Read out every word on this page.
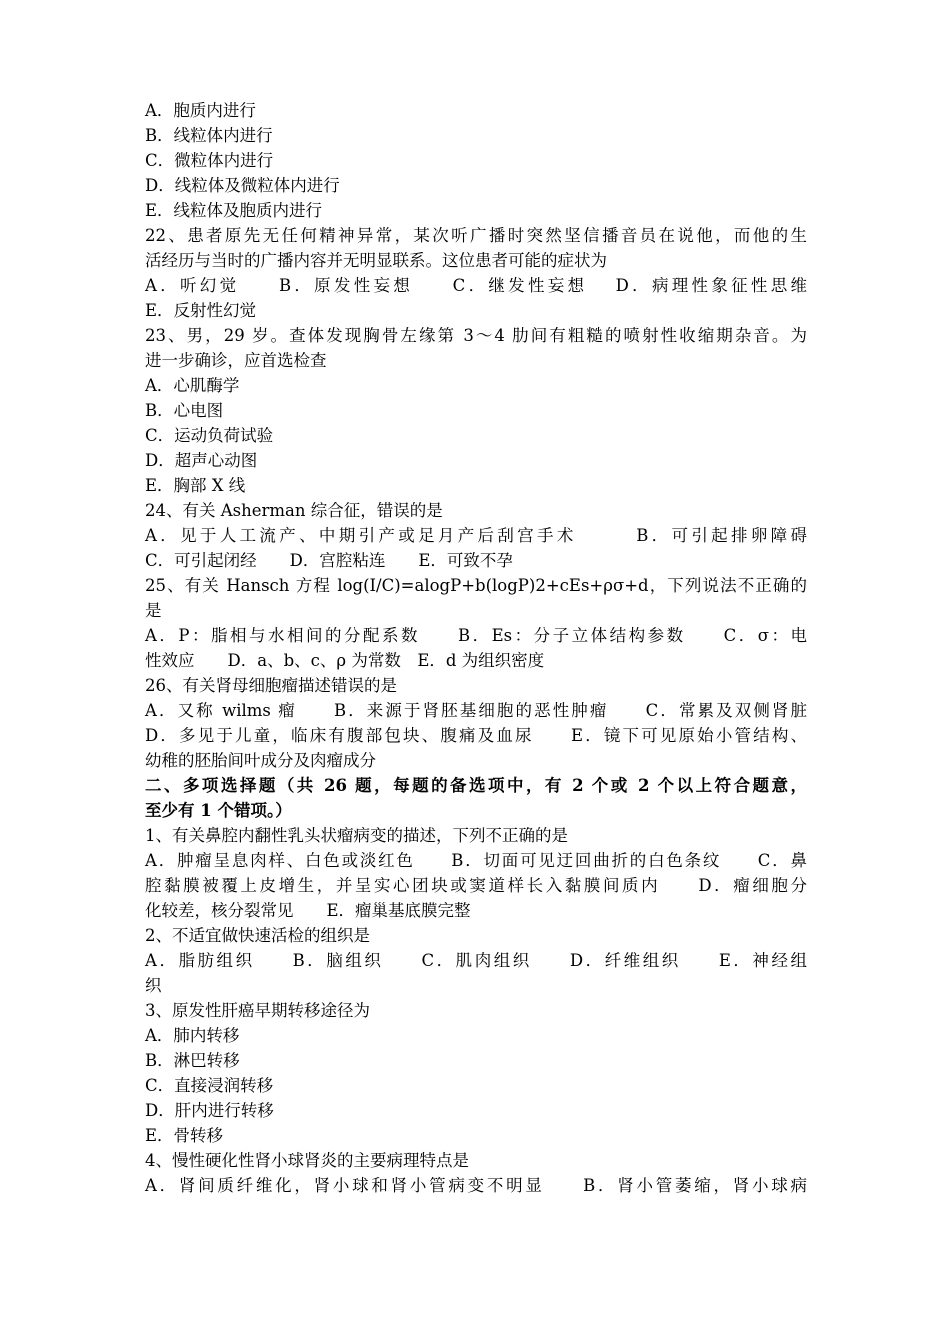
A．胞质内进行
B．线粒体内进行
C．微粒体内进行
D．线粒体及微粒体内进行
E．线粒体及胞质内进行
22、患者原先无任何精神异常，某次听广播时突然坚信播音员在说他，而他的生
活经历与当时的广播内容并无明显联系。这位患者可能的症状为
A．听幻觉　　B．原发性妄想　　C．继发性妄想　 D．病理性象征性思维
E．反射性幻觉
23、男，29 岁。查体发现胸骨左缘第 3～4 肋间有粗糙的喷射性收缩期杂音。为
进一步确诊，应首选检查
A．心肌酶学
B．心电图
C．运动负荷试验
D．超声心动图
E．胸部 X 线
24、有关 Asherman 综合征，错误的是
A．见于人工流产、中期引产或足月产后刮宫手术　　　B．可引起排卵障碍
C．可引起闭经　　D．宫腔粘连　　E．可致不孕
25、有关 Hansch 方程 log(I/C)=alogP+b(logP)2+cEs+ρσ+d，下列说法不正确的
是
A．P：脂相与水相间的分配系数　　B．Es：分子立体结构参数　　C．σ：电
性效应　　D．a、b、c、ρ 为常数　E．d 为组织密度
26、有关肾母细胞瘤描述错误的是
A．又称 wilms 瘤　　B．来源于肾胚基细胞的恶性肿瘤　　C．常累及双侧肾脏
D．多见于儿童，临床有腹部包块、腹痛及血尿　　E．镜下可见原始小管结构、
幼稚的胚胎间叶成分及肉瘤成分
二、多项选择题（共 26 题，每题的备选项中，有 2 个或 2 个以上符合题意，
至少有 1 个错项。）
1、有关鼻腔内翻性乳头状瘤病变的描述，下列不正确的是
A．肿瘤呈息肉样、白色或淡红色　　B．切面可见迂回曲折的白色条纹　　C．鼻
腔黏膜被覆上皮增生，并呈实心团块或窦道样长入黏膜间质内　　D．瘤细胞分
化较差，核分裂常见　　E．瘤巢基底膜完整
2、不适宜做快速活检的组织是
A．脂肪组织　　B．脑组织　　C．肌肉组织　　D．纤维组织　　E．神经组
织
3、原发性肝癌早期转移途径为
A．肺内转移
B．淋巴转移
C．直接浸润转移
D．肝内进行转移
E．骨转移
4、慢性硬化性肾小球肾炎的主要病理特点是
A．肾间质纤维化，肾小球和肾小管病变不明显　　B．肾小管萎缩，肾小球病
